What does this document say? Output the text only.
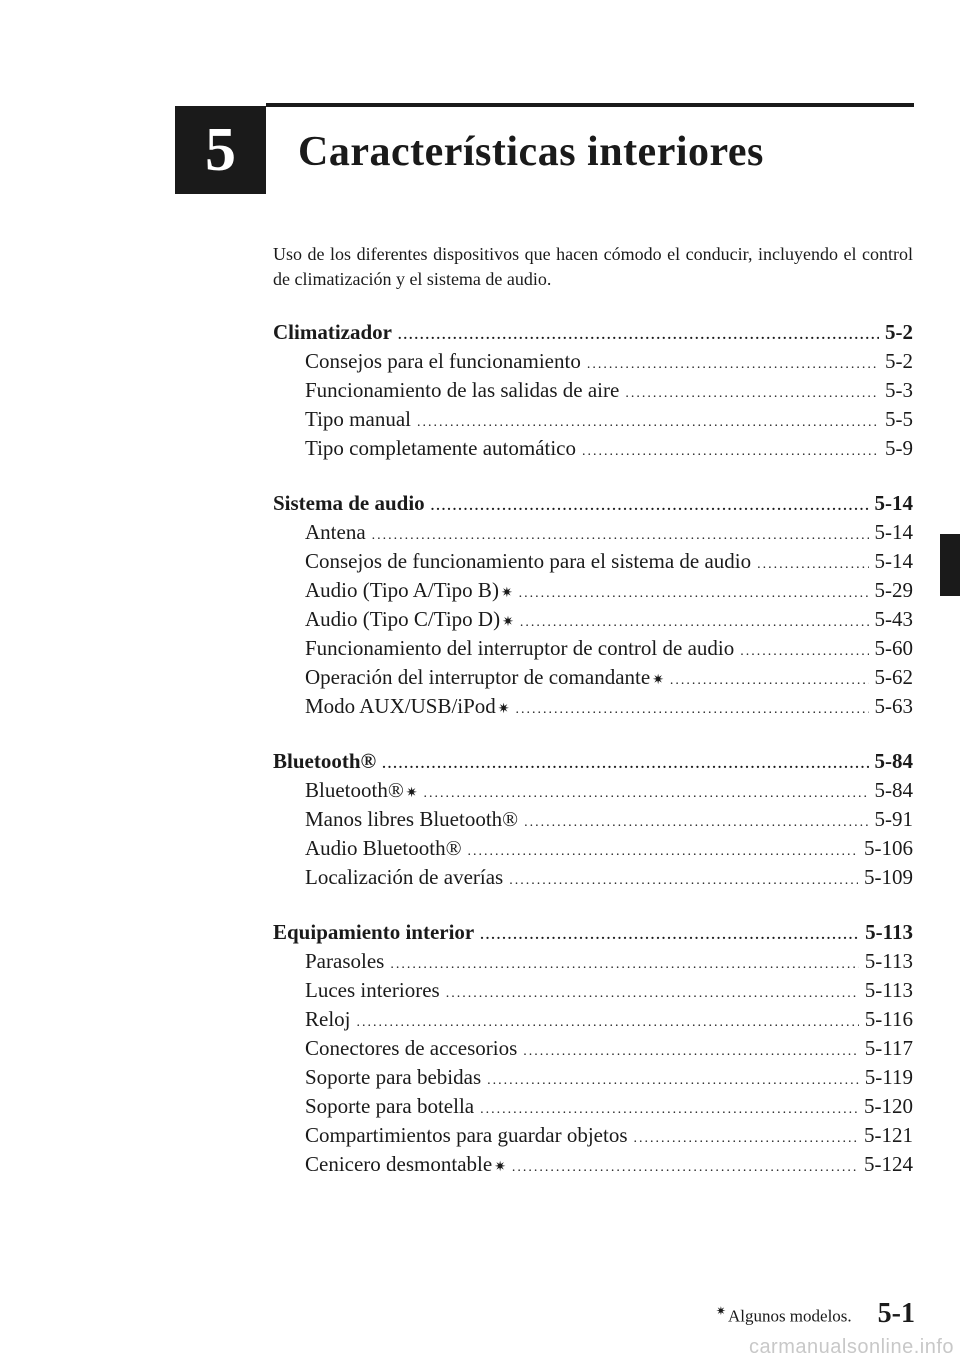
5 Características interiores
Uso de los diferentes dispositivos que hacen cómodo el conducir, incluyendo el control de climatización y el sistema de audio.
Climatizador .....	5-2
Consejos para el funcionamiento .....	5-2
Funcionamiento de las salidas de aire .....	5-3
Tipo manual .....	5-5
Tipo completamente automático .....	5-9
Sistema de audio .....	5-14
Antena .....	5-14
Consejos de funcionamiento para el sistema de audio .....	5-14
Audio (Tipo A/Tipo B) ✷ .....	5-29
Audio (Tipo C/Tipo D) ✷ .....	5-43
Funcionamiento del interruptor de control de audio .....	5-60
Operación del interruptor de comandante ✷ .....	5-62
Modo AUX/USB/iPod ✷ .....	5-63
Bluetooth® .....	5-84
Bluetooth® ✷ .....	5-84
Manos libres Bluetooth® .....	5-91
Audio Bluetooth® .....	5-106
Localización de averías .....	5-109
Equipamiento interior .....	5-113
Parasoles .....	5-113
Luces interiores .....	5-113
Reloj .....	5-116
Conectores de accesorios .....	5-117
Soporte para bebidas .....	5-119
Soporte para botella .....	5-120
Compartimientos para guardar objetos .....	5-121
Cenicero desmontable ✷ .....	5-124
✷ Algunos modelos. 5-1
carmanualsonline.info
